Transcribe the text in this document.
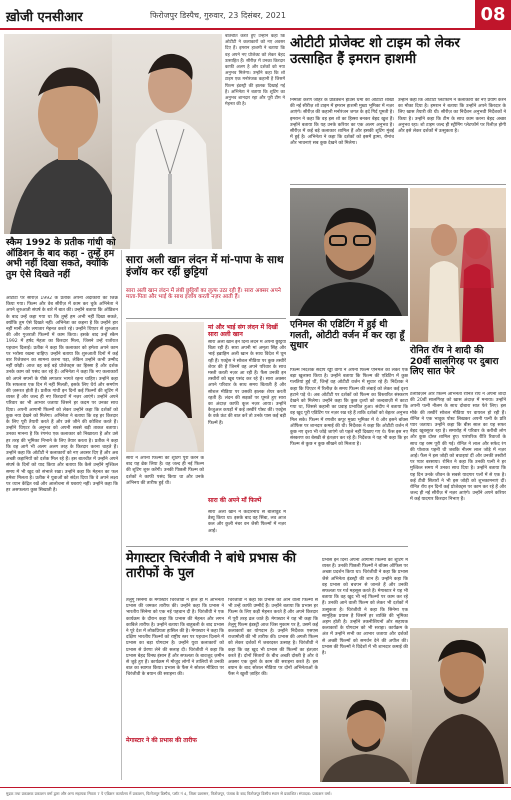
ख़ोजी एनसीआर	फिरोजपुर डिस्पैच, गुरुवार, 23 दिसंबर, 2021	08
स्कैम 1992 के प्रतीक गांधी को ऑडिशन के बाद कहा - तुम्हें हम अभी नहीं दिखा सकते, क्योंकि तुम ऐसे दिखते नहीं
ओटीटी पर सीरीज़ 1992 के प्रतीक अपनी अदाकारी का जिक्र किया गया। फिल्म और वेब सीरीज़ में काम कर चुके अभिनेता ने अपने शुरुआती संघर्ष के बारे में बात की। उन्होंने बताया कि ऑडिशन के बाद उन्हें कहा गया था कि तुम्हें हम अभी नहीं दिखा सकते, क्योंकि तुम ऐसे दिखते नहीं। अभिनेता का कहना है कि उन्होंने हार नहीं मानी और लगातार मेहनत करते रहे। उन्होंने थिएटर से शुरुआत की और गुजराती फिल्मों में काम किया। इसके बाद उन्हें स्कैम 1992 में हर्षद मेहता का किरदार मिला, जिसने उन्हें रातोंरात पहचान दिलाई। प्रतीक ने कहा कि कलाकार को हमेशा अपने काम पर भरोसा रखना चाहिए। उन्होंने बताया कि शुरुआती दिनों में कई बार रिजेक्शन का सामना करना पड़ा, लेकिन उन्होंने कभी उम्मीद नहीं छोड़ी। आज वह कई बड़े प्रोजेक्ट्स का हिस्सा हैं और दर्शक उनके काम को पसंद कर रहे हैं। अभिनेता ने कहा कि नए कलाकारों को अपने सपनों के पीछे लगातार भागते रहना चाहिए। उन्होंने कहा कि सफलता एक दिन में नहीं मिलती, इसके लिए धैर्य और समर्पण की ज़रूरत होती है। प्रतीक गांधी इन दिनों कई फिल्मों की शूटिंग में व्यस्त हैं और जल्द ही नए किरदारों में नज़र आएंगे। उन्होंने अपने परिवार का भी आभार जताया जिसने हर कदम पर उनका साथ दिया। अपनी आगामी फिल्मों को लेकर उन्होंने कहा कि दर्शकों को कुछ नया देखने को मिलेगा। अभिनेता ने बताया कि वह हर किरदार के लिए पूरी तैयारी करते हैं और उसे जीने की कोशिश करते हैं। उन्होंने थिएटर के अनुभव को अपनी सबसे बड़ी ताकत बताया। उनका मानना है कि रंगमंच एक कलाकार को निखारता है और उसे हर तरह की भूमिका निभाने के लिए तैयार करता है। प्रतीक ने कहा कि वह आगे भी अलग अलग तरह के किरदार करना चाहते हैं। उन्होंने कहा कि ओटीटी ने कलाकारों को नए अवसर दिए हैं और अब अच्छी कहानियों को दर्शक मिल रहे हैं। इस बातचीत में उन्होंने अपने संघर्ष के दिनों को याद किया और बताया कि कैसे उन्होंने मुश्किल समय में भी खुद को संभाले रखा। उन्होंने कहा कि मेहनत का फल हमेशा मिलता है। प्रतीक ने युवाओं को संदेश दिया कि वे अपने लक्ष्य पर ध्यान केंद्रित रखें और आलोचना से घबराएं नहीं। उन्होंने कहा कि हर असफलता कुछ सिखाती है।
बातचीत करते हुए उन्होंने कहा कि ओटीटी ने कलाकारों को नए अवसर दिए हैं। इमरान हाशमी ने बताया कि वह अपने नए प्रोजेक्ट को लेकर बेहद उत्साहित हैं। सीरीज़ में उनका किरदार काफी अलग है और दर्शकों को नया अनुभव मिलेगा। उन्होंने कहा कि शो टाइम एक मनोरंजक कहानी है जिसमें फिल्म इंडस्ट्री की झलक दिखाई गई है। अभिनेता ने बताया कि शूटिंग का अनुभव शानदार रहा और पूरी टीम ने मेहनत की है।
ओटीटी प्रोजेक्ट शो टाइम को लेकर उत्साहित हैं इमरान हाशमी
निर्माता करण जौहर के प्रोडक्शन हाउस धर्मा की ओटीटी शाखा की नई सीरीज़ शो टाइम में इमरान हाशमी मुख्य भूमिका में नज़र आएंगे। सीरीज़ की कहानी मनोरंजन जगत के इर्द गिर्द घूमती है। इमरान ने कहा कि वह इस शो का हिस्सा बनकर बेहद खुश हैं। उन्होंने बताया कि यह उनके करियर का एक अलग अनुभव है। सीरीज़ में कई बड़े कलाकार शामिल हैं और इसकी शूटिंग मुंबई में हुई है। अभिनेता ने कहा कि दर्शकों को इसमें ड्रामा, रोमांच और भावनाएं सब कुछ देखने को मिलेगा।
उन्होंने कहा कि ओटीटी प्लेटफॉर्म ने कलाकारों को नए प्रयोग करने का मौका दिया है। इमरान ने बताया कि उन्होंने अपने किरदार के लिए खास तैयारी की थी। सीरीज़ का निर्देशन अनुभवी निर्देशकों ने किया है। उन्होंने कहा कि टीम के साथ काम करना बेहद अच्छा अनुभव रहा। शो टाइम जल्द ही स्ट्रीमिंग प्लेटफॉर्म पर रिलीज़ होगी और इसे लेकर दर्शकों में उत्सुकता है।
सारा अली खान लंदन में मां-पापा के साथ इंजॉय कर रहीं छुट्टियां
सारा अली खान लंदन में लंबी छुट्टियों का लुत्फ उठा रही हैं। सारा अक्सर अपने माता-पिता और भाई के साथ इंजॉय करती नज़र आती हैं।
मां और भाई संग लंदन में दिखीं सारा अली खान
सारा अली खान इन दिनों लंदन में अपनी छुट्टियां बिता रही हैं। सारा अपनी मां अमृता सिंह और भाई इब्राहिम अली खान के साथ विदेश में घूम रही हैं। एक्ट्रेस ने सोशल मीडिया पर कुछ तस्वीरें शेयर की हैं जिनमें वह अपने परिवार के साथ मस्ती करती नज़र आ रही हैं। फैंस उनकी इन तस्वीरों को खूब पसंद कर रहे हैं। सारा अक्सर अपने परिवार के साथ समय बिताती हैं और सोशल मीडिया पर उसकी झलक शेयर करती रहती हैं। लंदन की सड़कों पर घूमते हुए सारा का अंदाज़ काफी कूल नज़र आया। उन्होंने कैजुअल कपड़ों में कई तस्वीरें पोस्ट कीं। एक्ट्रेस के वर्क फ्रंट की बात करें तो उनके पास कई बड़ी फिल्में हैं।
सारा ने अपनी फिल्मों की शूटिंग पूरी करने के बाद यह ब्रेक लिया है। वह जल्द ही नई फिल्म की शूटिंग शुरू करेंगी। उनकी पिछली फिल्म को दर्शकों ने काफी पसंद किया था और उनके अभिनय की तारीफ हुई थी।
सारा की अपने माँ फिल्में
सारा अली खान ने केदारनाथ से बॉलीवुड में डेब्यू किया था। इसके बाद वह सिंबा, लव आज कल और कुली नंबर वन जैसी फिल्मों में नज़र आईं।
एनिमल की एडिटिंग में हुई थी गलती, ओटीटी वर्जन में कर रहा हूँ सुधार
फिल्म निर्देशक संदीप रेड्डी वांगा ने अपनी फिल्म एनिमल को लेकर एक बड़ा खुलासा किया है। उन्होंने बताया कि फिल्म की एडिटिंग में कुछ गलतियां हुई थीं, जिन्हें वह ओटीटी वर्जन में सुधार रहे हैं। निर्देशक ने कहा कि थिएटर में रिलीज़ के समय फिल्म की लंबाई को लेकर कई दृश्य हटाने पड़े थे। अब ओटीटी पर दर्शकों को फिल्म का विस्तारित संस्करण देखने को मिलेगा। उन्होंने कहा कि कुछ दृश्यों को जल्दबाज़ी में काटा गया था, जिससे कहानी का प्रवाह प्रभावित हुआ। संदीप ने बताया कि वह खुद पूरी एडिटिंग पर नज़र रख रहे हैं ताकि दर्शकों को बेहतर अनुभव मिल सके। फिल्म में रणबीर कपूर मुख्य भूमिका में थे और इसने बॉक्स ऑफिस पर शानदार कमाई की थी। निर्देशक ने कहा कि ओटीटी वर्जन में कुछ नए दृश्य भी जोड़े जाएंगे जो पहले नहीं दिखाए गए थे। फैंस इस नए संस्करण का बेसब्री से इंतज़ार कर रहे हैं। निर्देशक ने यह भी कहा कि हर फिल्म से कुछ न कुछ सीखने को मिलता है।
रोनित रॉय ने शादी की 20वीं सालगिरह पर दुबारा लिए सात फेरे
टेलीविज़न और फिल्म अभिनेता रोनित रॉय ने अपनी शादी की 20वीं सालगिरह को खास अंदाज़ में मनाया। उन्होंने अपनी पत्नी नीलम के साथ दोबारा सात फेरे लिए। इस मौके की तस्वीरें सोशल मीडिया पर वायरल हो रही हैं। रोनित ने एक भावुक पोस्ट लिखकर अपनी पत्नी के प्रति प्यार जताया। उन्होंने कहा कि बीस साल का यह सफर बेहद खूबसूरत रहा है। समारोह में परिवार के करीबी लोग और कुछ दोस्त शामिल हुए। पारंपरिक रीति रिवाजों के साथ यह रस्म पूरी की गई। रोनित ने लाल और सफेद रंग की पोशाक पहनी थी जबकि नीलम लाल जोड़े में नज़र आईं। फैंस ने इस जोड़ी को बधाइयां दीं और उनकी तस्वीरों पर प्यार बरसाया। रोनित ने कहा कि उनकी पत्नी ने हर मुश्किल समय में उनका साथ दिया है। उन्होंने बताया कि यह दिन उनके जीवन के सबसे यादगार पलों में से एक है। कई टीवी सितारों ने भी इस जोड़ी को शुभकामनाएं दीं। रोनित रॉय इन दिनों कई प्रोजेक्ट्स पर काम कर रहे हैं और जल्द ही नई सीरीज़ में नज़र आएंगे। उन्होंने अपने करियर में कई यादगार किरदार निभाए हैं।
मेगास्टार चिरंजीवी ने बांधे प्रभास की तारीफों के पुल
तेलुगु सिनेमा के मेगास्टार चिरंजीवी ने हाल ही में अभिनेता प्रभास की जमकर तारीफ की। उन्होंने कहा कि प्रभास ने भारतीय सिनेमा को एक नई पहचान दी है। चिरंजीवी ने एक कार्यक्रम के दौरान कहा कि प्रभास की मेहनत और लगन काबिले तारीफ है। उन्होंने बताया कि बाहुबली के बाद प्रभास ने पूरे देश में लोकप्रियता हासिल की है। मेगास्टार ने कहा कि दक्षिण भारतीय फिल्मों को राष्ट्रीय स्तर पर पहचान दिलाने में प्रभास का बड़ा योगदान है। उन्होंने युवा कलाकारों को प्रभास से प्रेरणा लेने की सलाह दी। चिरंजीवी ने कहा कि प्रभास बेहद विनम्र इंसान हैं और सफलता के बावजूद ज़मीन से जुड़े हुए हैं। कार्यक्रम में मौजूद लोगों ने तालियों से उनकी बात का स्वागत किया। प्रभास के फैंस ने सोशल मीडिया पर चिरंजीवी के बयान की सराहना की।
मेगास्टार ने की प्रभास की तारीफ
चिरंजीवी ने कहा कि प्रभास की आने वाली फिल्मों से भी उन्हें काफी उम्मीदें हैं। उन्होंने बताया कि प्रभास हर फिल्म के लिए कड़ी मेहनत करते हैं और अपने किरदार में पूरी तरह ढल जाते हैं। मेगास्टार ने यह भी कहा कि तेलुगु फिल्म इंडस्ट्री आज जिस मुकाम पर है, उसमें कई कलाकारों का योगदान है। उन्होंने निर्देशक एसएस राजामौली की भी तारीफ की। प्रभास की अगली फिल्म को लेकर दर्शकों में जबरदस्त उत्साह है। चिरंजीवी ने कहा कि वह खुद भी प्रभास की फिल्मों का इंतज़ार करते हैं। दोनों सितारों के बीच अच्छी दोस्ती है और वे अक्सर एक दूसरे के काम की सराहना करते हैं। इस बयान के बाद सोशल मीडिया पर दोनों अभिनेताओं के फैंस ने खुशी ज़ाहिर की।
प्रभास इन दिनों अपनी आगामी फिल्मों की शूटिंग में व्यस्त हैं। उनकी पिछली फिल्मों ने बॉक्स ऑफिस पर अच्छा प्रदर्शन किया था। चिरंजीवी ने कहा कि प्रभास जैसे अभिनेता इंडस्ट्री की शान हैं। उन्होंने कहा कि वह प्रभास को बचपन से जानते हैं और उनकी सफलता पर गर्व महसूस करते हैं। मेगास्टार ने यह भी बताया कि वह खुद भी नई फिल्मों पर काम कर रहे हैं। उनकी आने वाली फिल्म को लेकर भी दर्शकों में उत्सुकता है। चिरंजीवी ने कहा कि सिनेमा एक सामूहिक प्रयास है जिसमें हर व्यक्ति की भूमिका अहम होती है। उन्होंने तकनीशियनों और सहायक कलाकारों के योगदान को भी सराहा। कार्यक्रम के अंत में उन्होंने सभी का आभार जताया और दर्शकों से अच्छी फिल्मों को समर्थन देने की अपील की। प्रभास की फिल्मों ने विदेशों में भी शानदार कमाई की है।
मुद्रक तथा प्रकाशक प्रकाशन वर्मा द्वारा और अन्य सहायक मित्रता 7 पे एडिशन कार्यालय में प्रकाशन, फिरोजपुर डिस्पैच, प्लॉट नं 4, जिला प्रशासन, फिरोजपुर, पंजाब के बाद फिरोजपुर डिस्पैच स्थान से प्रकाशित। संपादक: प्रकाशन वर्मा।
